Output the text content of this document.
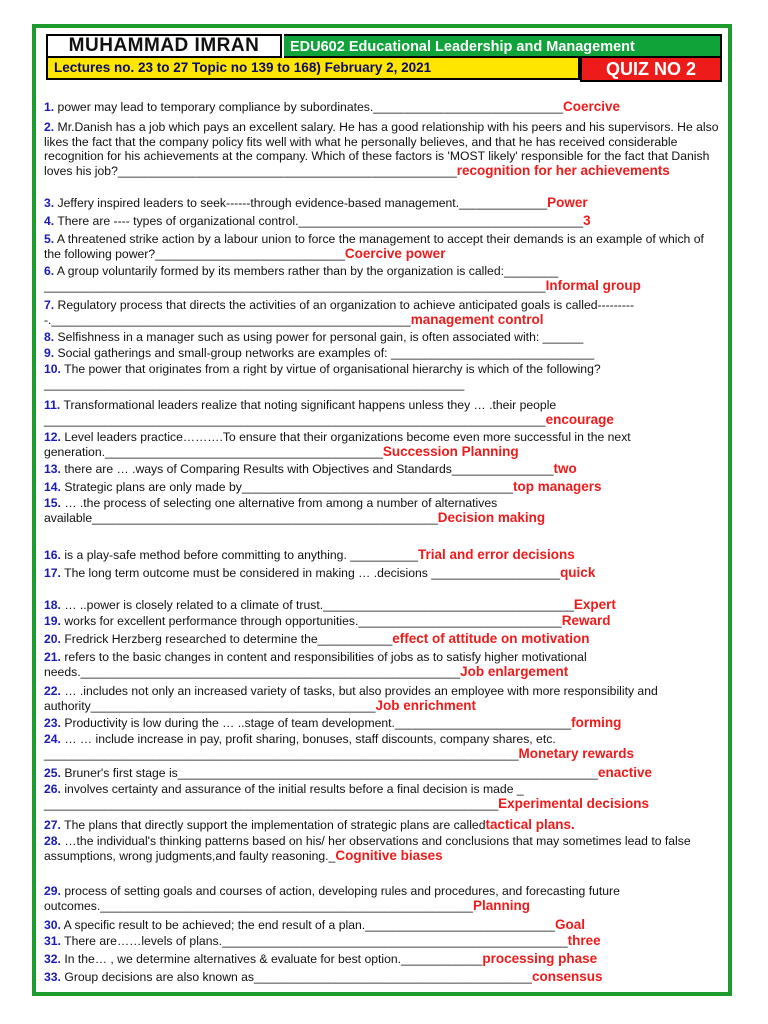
MUHAMMAD IMRAN	EDU602 Educational Leadership and Management
Lectures no. 23 to 27 Topic no 139 to 168) February 2, 2021	QUIZ NO 2
1. power may lead to temporary compliance by subordinates.____________________________Coercive
2. Mr.Danish has a job which pays an excellent salary. He has a good relationship with his peers and his supervisors. He also likes the fact that the company policy fits well with what he personally believes, and that he has received considerable recognition for his achievements at the company. Which of these factors is 'MOST likely' responsible for the fact that Danish loves his job?__________________________________________________recognition for her achievements
3. Jeffery inspired leaders to seek------through evidence-based management._____________Power
4. There are ---- types of organizational control.__________________________________________3
5. A threatened strike action by a labour union to force the management to accept their demands is an example of which of the following power?____________________________Coercive power
6. A group voluntarily formed by its members rather than by the organization is called:________ __________________________________________________________________________Informal group
7. Regulatory process that directs the activities of an organization to achieve anticipated goals is called----------._____________________________________________________management control
8. Selfishness in a manager such as using power for personal gain, is often associated with: ______
9. Social gatherings and small-group networks are examples of: ______________________________
10. The power that originates from a right by virtue of organisational hierarchy is which of the following?______________________________________________________________
11. Transformational leaders realize that noting significant happens unless they … .their people __________________________________________________________________________encourage
12. Level leaders practice……….To ensure that their organizations become even more successful in the next generation._________________________________________Succession Planning
13. there are … .ways of Comparing Results with Objectives and Standards_______________two
14. Strategic plans are only made by________________________________________top managers
15. … .the process of selecting one alternative from among a number of alternatives available___________________________________________________Decision making
16. is a play-safe method before committing to anything. __________Trial and error decisions
17. The long term outcome must be considered in making … .decisions ___________________quick
18. … ..power is closely related to a climate of trust._____________________________________Expert
19. works for excellent performance through opportunities.______________________________Reward
20. Fredrick Herzberg researched to determine the___________effect of attitude on motivation
21. refers to the basic changes in content and responsibilities of jobs as to satisfy higher motivational needs.________________________________________________________Job enlargement
22. … .includes not only an increased variety of tasks, but also provides an employee with more responsibility and authority__________________________________________Job enrichment
23. Productivity is low during the … ..stage of team development.__________________________forming
24. … … include increase in pay, profit sharing, bonuses, staff discounts, company shares, etc. ______________________________________________________________________Monetary rewards
25. Bruner's first stage is______________________________________________________________enactive
26. involves certainty and assurance of the initial results before a final decision is made _ ___________________________________________________________________Experimental decisions
27. The plans that directly support the implementation of strategic plans are calledtactical plans.
28. …the individual's thinking patterns based on his/ her observations and conclusions that may sometimes lead to false assumptions, wrong judgments,and faulty reasoning._Cognitive biases
29. process of setting goals and courses of action, developing rules and procedures, and forecasting future outcomes._______________________________________________________Planning
30. A specific result to be achieved; the end result of a plan.____________________________Goal
31. There are……levels of plans.___________________________________________________three
32. In the… , we determine alternatives & evaluate for best option.____________processing phase
33. Group decisions are also known as_________________________________________consensus
